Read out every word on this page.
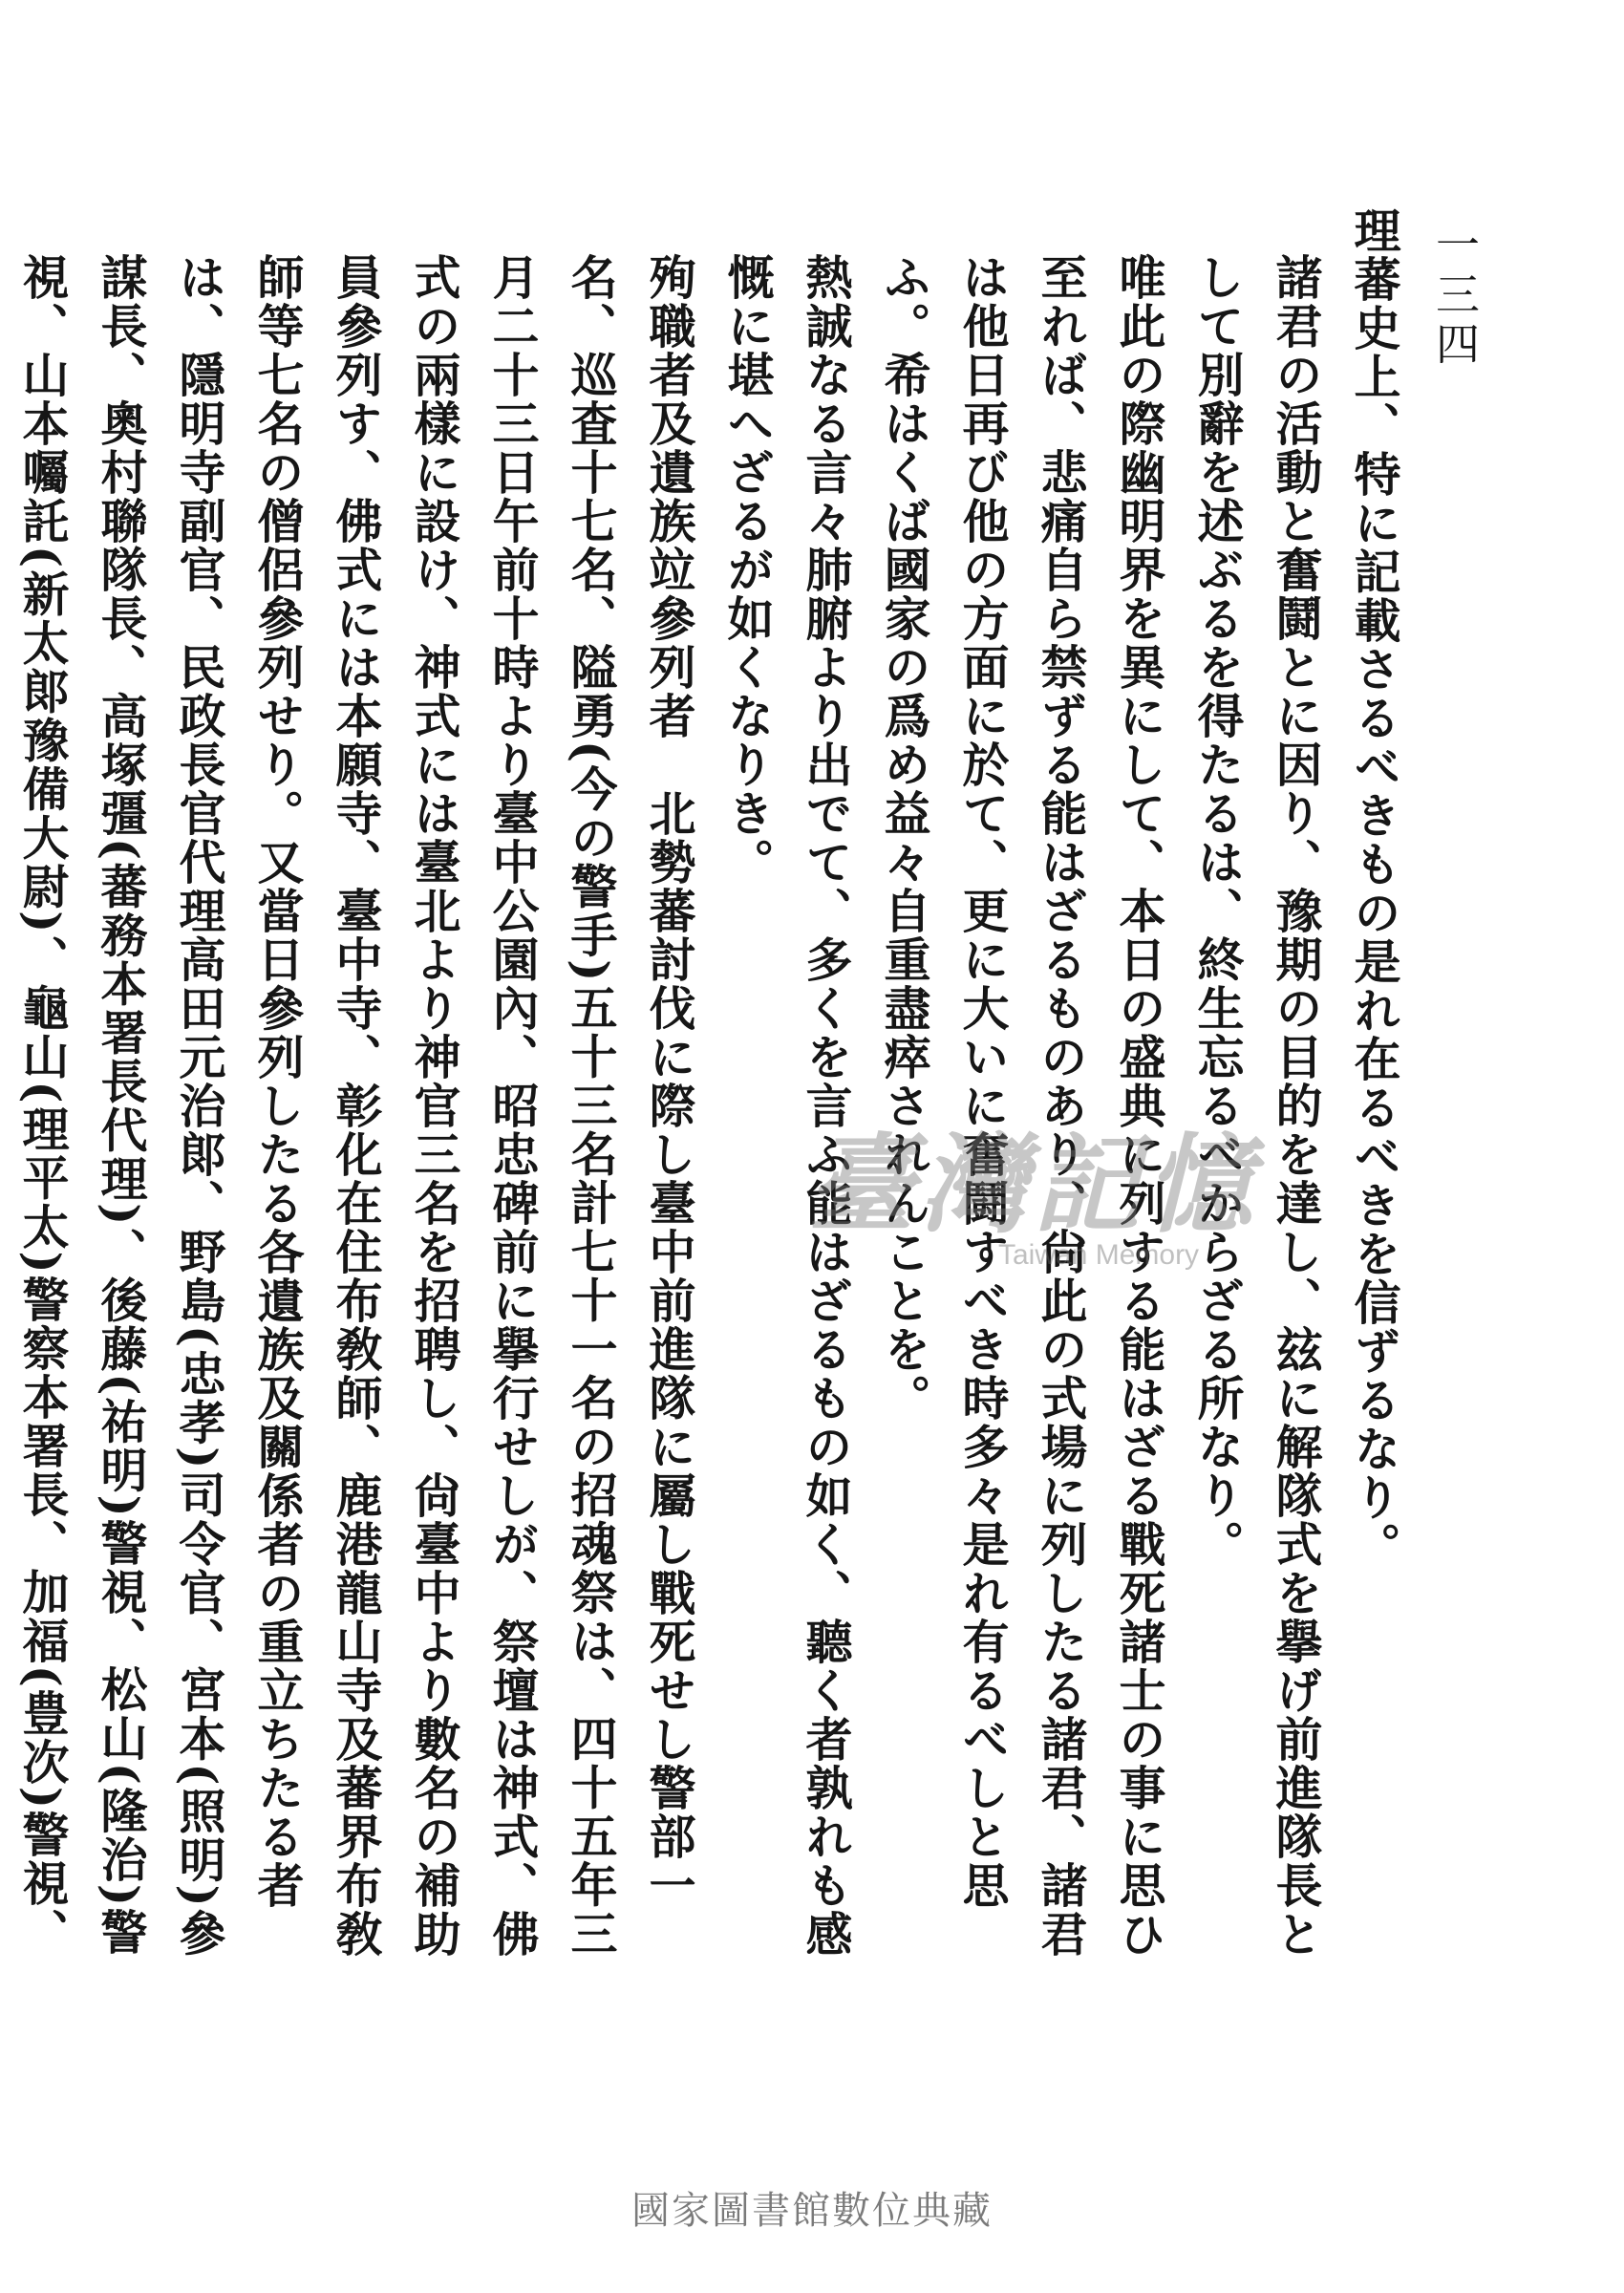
一三四

理蕃史上、特に記載さるべきもの是れ在るべきを信ずるなり。

諸君の活動と奮鬪とに因り、豫期の目的を達し、玆に解隊式を擧げ前進隊長として別辭を述ぶるを得たるは、終生忘るべからざる所なり。

唯此の際幽明界を異にして、本日の盛典に列する能はざる戰死諸士の事に思ひ至れば、悲痛自ら禁ずる能はざるものあり、尙此の式場に列したる諸君、諸君は他日再び他の方面に於て、更に大いに奮鬪すべき時多々是れ有るべしと思ふ。希はくば國家の爲め益々自重盡瘁されんことを。

熱誠なる言々肺腑より出でて、多くを言ふ能はざるもの如く、聽く者孰れも感慨に堪へざるが如くなりき。

殉職者及遺族竝參列者　北勢蕃討伐に際し臺中前進隊に屬し戰死せし警部一名、巡査十七名、隘勇(今の警手)五十三名計七十一名の招魂祭は、四十五年三月二十三日午前十時より臺中公園內、昭忠碑前に擧行せしが、祭壇は神式、佛式の兩樣に設け、神式には臺北より神官三名を招聘し、尙臺中より數名の補助員參列す、佛式には本願寺、臺中寺、彰化在住布敎師、鹿港龍山寺及蕃界布敎師等七名の僧侶參列せり。又當日參列したる各遺族及關係者の重立ちたる者は、隱明寺副官、民政長官代理高田元治郞、野島(忠孝)司令官、宮本(照明)參謀長、奧村聯隊長、高塚彊(蕃務本署長代理)、後藤(祐明)警視、松山(隆治)警視、山本囑託(新太郞豫備大尉)、龜山(理平太)警察本署長、加福(豊次)警視、

臺灣記憶
Taiwan Memory
國家圖書館數位典藏
